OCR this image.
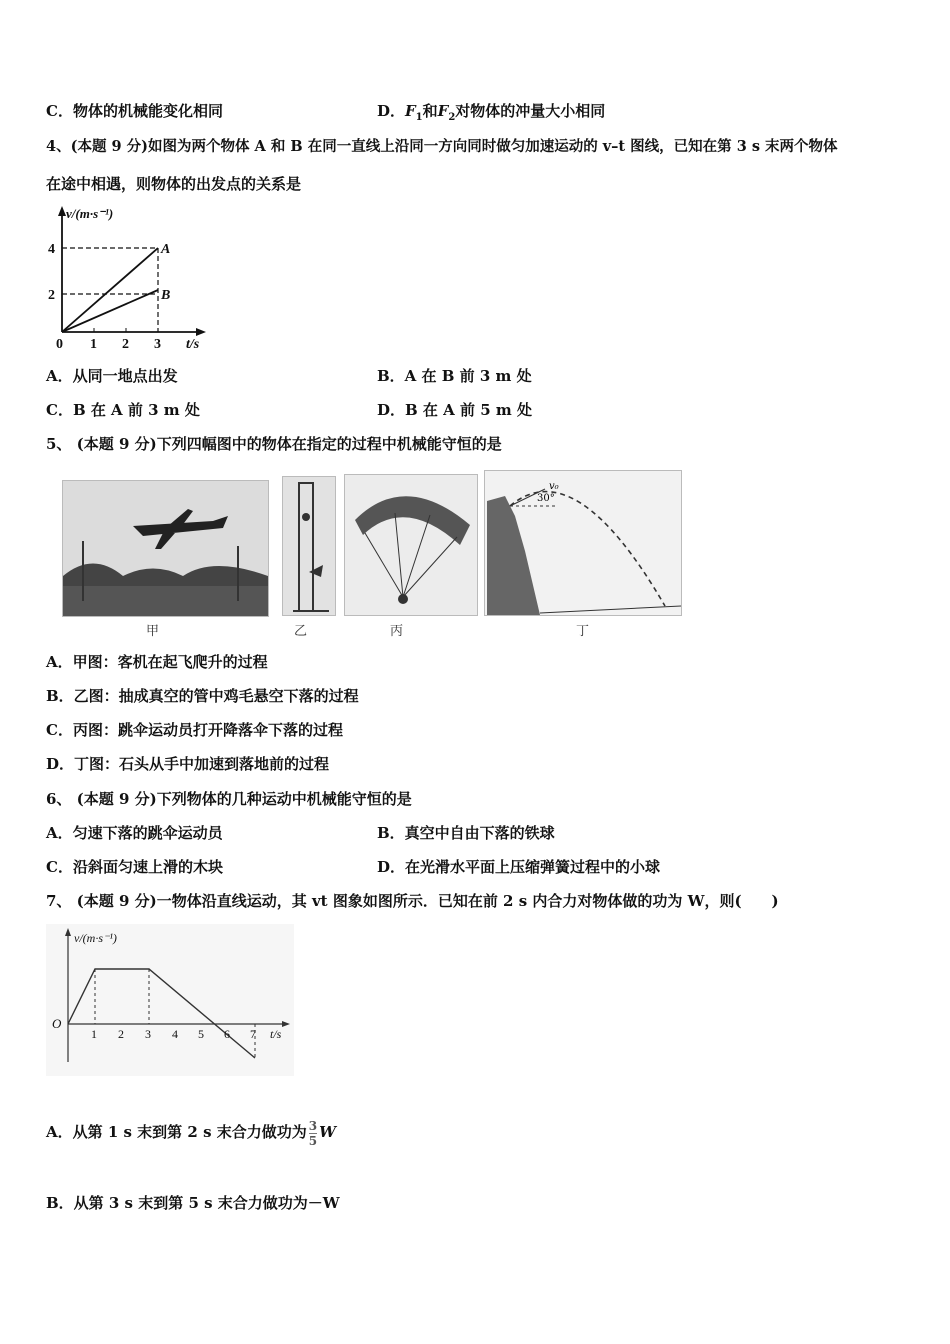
C．物体的机械能变化相同	D．$F_1$和$F_2$对物体的冲量大小相同
4、(本题 9 分)如图为两个物体 A 和 B 在同一直线上沿同一方向同时做匀加速运动的 v–t 图线，已知在第 3 s 末两个物体
在途中相遇，则物体的出发点的关系是
v/(m·s⁻¹)
4
2
0 1 2 3 t/s
A
B
A．从同一地点出发	B．A 在 B 前 3 m 处
C．B 在 A 前 3 m 处	D．B 在 A 前 5 m 处
5、 (本题 9 分)下列四幅图中的物体在指定的过程中机械能守恒的是
甲	乙	丙
30°
v₀
丁
A．甲图：客机在起飞爬升的过程
B．乙图：抽成真空的管中鸡毛悬空下落的过程
C．丙图：跳伞运动员打开降落伞下落的过程
D．丁图：石头从手中加速到落地前的过程
6、 (本题 9 分)下列物体的几种运动中机械能守恒的是
A．匀速下落的跳伞运动员	B．真空中自由下落的铁球
C．沿斜面匀速上滑的木块	D．在光滑水平面上压缩弹簧过程中的小球
7、 (本题 9 分)一物体沿直线运动，其 vt 图象如图所示．已知在前 2 s 内合力对物体做的功为 W，则(　　)
v/(m·s⁻¹)
O
1 2 3 4 5 6 7 t/s
A．从第 1 s 末到第 2 s 末合力做功为 $\frac{3}{5}$ W
B．从第 3 s 末到第 5 s 末合力做功为－W
